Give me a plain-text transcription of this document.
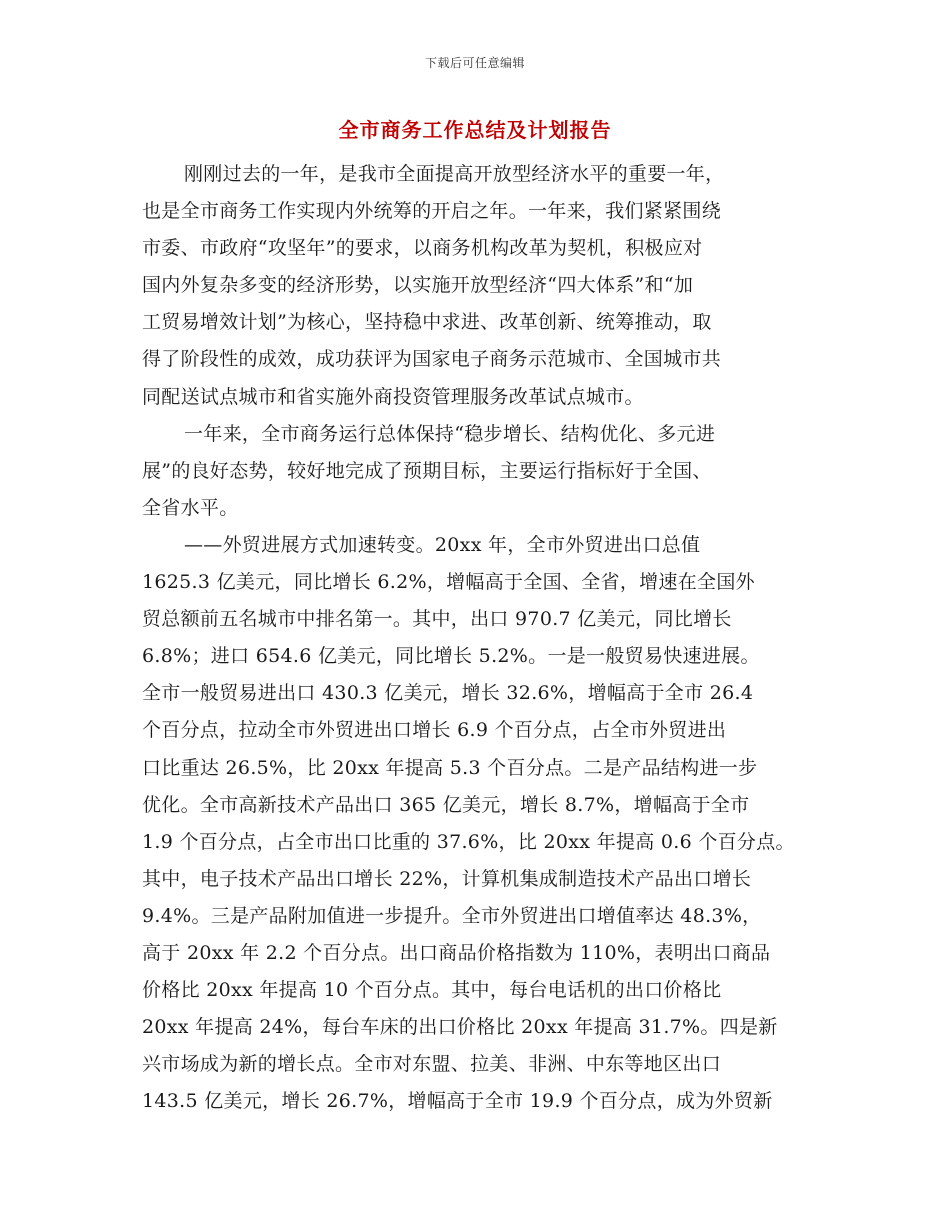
下载后可任意编辑
全市商务工作总结及计划报告
刚刚过去的一年，是我市全面提高开放型经济水平的重要一年，
也是全市商务工作实现内外统筹的开启之年。一年来，我们紧紧围绕
市委、市政府“攻坚年”的要求，以商务机构改革为契机，积极应对
国内外复杂多变的经济形势，以实施开放型经济“四大体系”和“加
工贸易增效计划”为核心，坚持稳中求进、改革创新、统筹推动，取
得了阶段性的成效，成功获评为国家电子商务示范城市、全国城市共
同配送试点城市和省实施外商投资管理服务改革试点城市。
一年来，全市商务运行总体保持“稳步增长、结构优化、多元进
展”的良好态势，较好地完成了预期目标，主要运行指标好于全国、
全省水平。
——外贸进展方式加速转变。20xx 年，全市外贸进出口总值
1625.3 亿美元，同比增长 6.2%，增幅高于全国、全省，增速在全国外
贸总额前五名城市中排名第一。其中，出口 970.7 亿美元，同比增长
6.8%；进口 654.6 亿美元，同比增长 5.2%。一是一般贸易快速进展。
全市一般贸易进出口 430.3 亿美元，增长 32.6%，增幅高于全市 26.4
个百分点，拉动全市外贸进出口增长 6.9 个百分点，占全市外贸进出
口比重达 26.5%，比 20xx 年提高 5.3 个百分点。二是产品结构进一步
优化。全市高新技术产品出口 365 亿美元，增长 8.7%，增幅高于全市
1.9 个百分点，占全市出口比重的 37.6%，比 20xx 年提高 0.6 个百分点。
其中，电子技术产品出口增长 22%，计算机集成制造技术产品出口增长
9.4%。三是产品附加值进一步提升。全市外贸进出口增值率达 48.3%，
高于 20xx 年 2.2 个百分点。出口商品价格指数为 110%，表明出口商品
价格比 20xx 年提高 10 个百分点。其中，每台电话机的出口价格比
20xx 年提高 24%，每台车床的出口价格比 20xx 年提高 31.7%。四是新
兴市场成为新的增长点。全市对东盟、拉美、非洲、中东等地区出口
143.5 亿美元，增长 26.7%，增幅高于全市 19.9 个百分点，成为外贸新
